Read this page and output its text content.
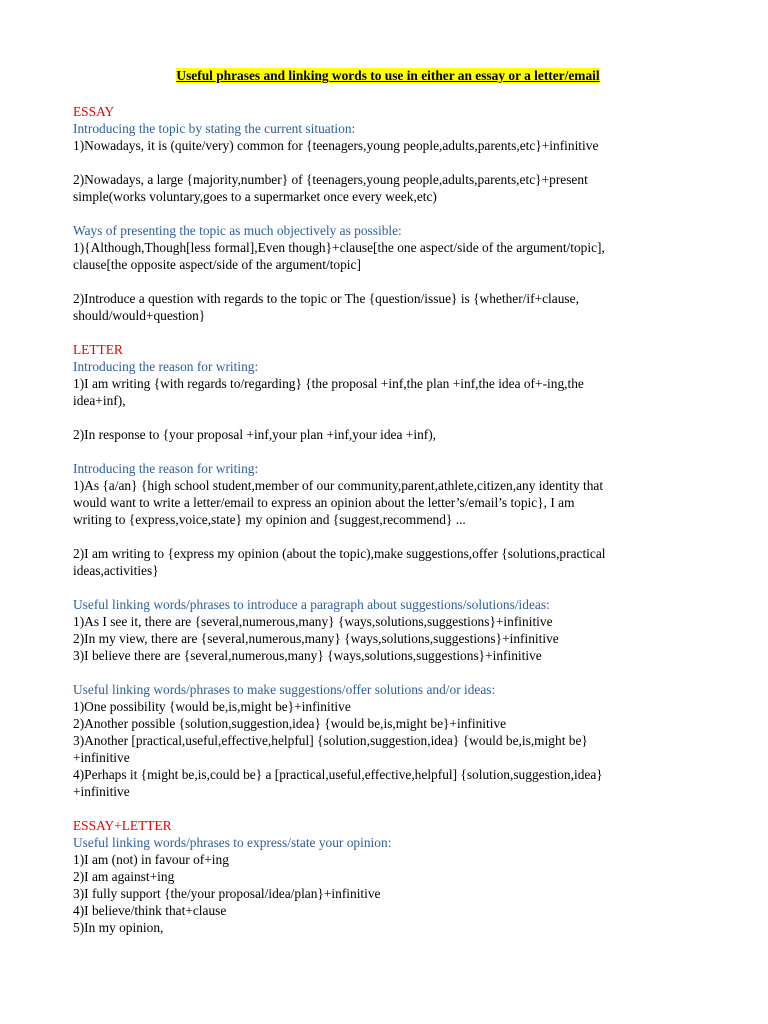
Useful phrases and linking words to use in either an essay or a letter/email
ESSAY
Introducing the topic by stating the current situation:
1)Nowadays, it is (quite/very) common for {teenagers,young people,adults,parents,etc}+infinitive
2)Nowadays, a large {majority,number} of {teenagers,young people,adults,parents,etc}+present
simple(works voluntary,goes to a supermarket once every week,etc)
Ways of presenting the topic as much objectively as possible:
1){Although,Though[less formal],Even though}+clause[the one aspect/side of the argument/topic],
clause[the opposite aspect/side of the argument/topic]
2)Introduce a question with regards to the topic or The {question/issue} is {whether/if+clause,
should/would+question}
LETTER
Introducing the reason for writing:
1)I am writing {with regards to/regarding} {the proposal +inf,the plan +inf,the idea of+-ing,the
idea+inf),
2)In response to {your proposal +inf,your plan +inf,your idea +inf),
Introducing the reason for writing:
1)As {a/an} {high school student,member of our community,parent,athlete,citizen,any identity that
would want to write a letter/email to express an opinion about the letter’s/email’s topic}, I am
writing to {express,voice,state} my opinion and {suggest,recommend} ...
2)I am writing to {express my opinion (about the topic),make suggestions,offer {solutions,practical
ideas,activities}
Useful linking words/phrases to introduce a paragraph about suggestions/solutions/ideas:
1)As I see it, there are {several,numerous,many} {ways,solutions,suggestions}+infinitive
2)In my view, there are {several,numerous,many} {ways,solutions,suggestions}+infinitive
3)I believe there are {several,numerous,many} {ways,solutions,suggestions}+infinitive
Useful linking words/phrases to make suggestions/offer solutions and/or ideas:
1)One possibility {would be,is,might be}+infinitive
2)Another possible {solution,suggestion,idea} {would be,is,might be}+infinitive
3)Another [practical,useful,effective,helpful] {solution,suggestion,idea} {would be,is,might be}
+infinitive
4)Perhaps it {might be,is,could be} a [practical,useful,effective,helpful] {solution,suggestion,idea}
+infinitive
ESSAY+LETTER
Useful linking words/phrases to express/state your opinion:
1)I am (not) in favour of+ing
2)I am against+ing
3)I fully support {the/your proposal/idea/plan}+infinitive
4)I believe/think that+clause
5)In my opinion,
